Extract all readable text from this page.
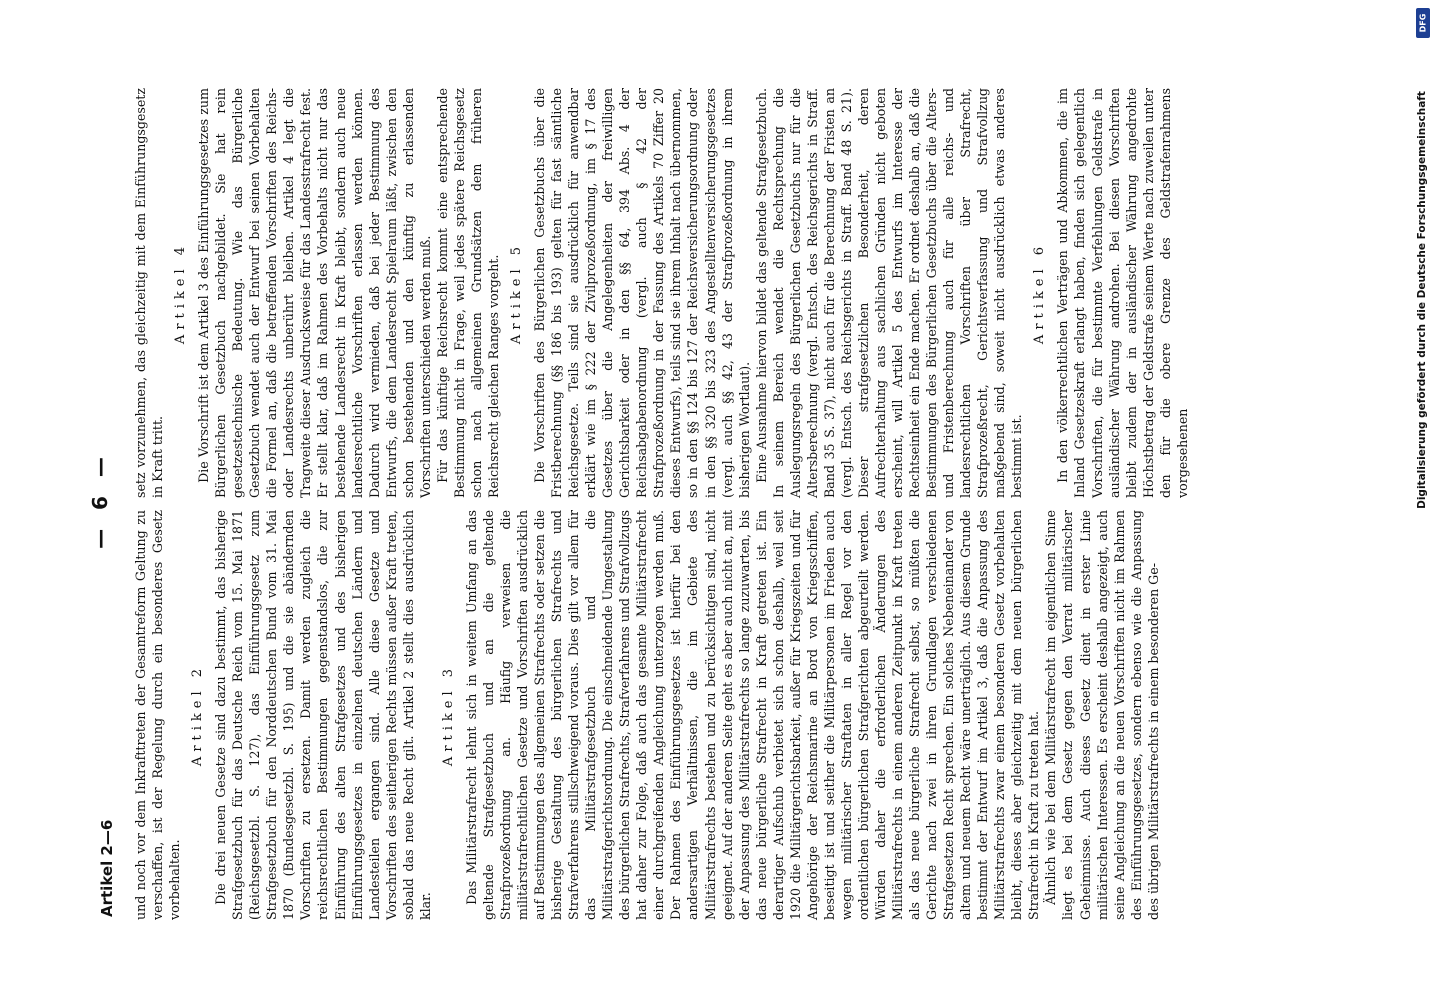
Artikel 2—6
— 6 —

und noch vor dem Inkrafttreten der Gesamtreform Geltung zu verschaffen, ist der Regelung durch ein besonderes Gesetz vorbehalten.

Artikel 2 Die drei neuen Gesetze sind dazu bestimmt, das bisherige Strafgesetzbuch für das Deutsche Reich vom 15. Mai 1871 (Reichsgesetzbl. S. 127), das Einführungsgesetz zum Strafgesetzbuch für den Norddeutschen Bund vom 31. Mai 1870 (Bundesgesetzbl. S. 195) und die sie abändernden Vorschriften zu ersetzen. Damit werden zugleich die reichsrechtlichen Bestimmungen gegenstandslos, die zur Einführung des alten Strafgesetzes und des bisherigen Einführungsgesetzes in einzelnen deutschen Ländern und Landesteilen ergangen sind. Alle diese Gesetze und Vorschriften des seitherigen Rechts müssen außer Kraft treten, sobald das neue Recht gilt. Artikel 2 stellt dies ausdrücklich klar.

Artikel 3 Das Militärstrafrecht lehnt sich in weitem Umfang an das geltende Strafgesetzbuch und an die geltende Strafprozeßordnung an. Häufig verweisen die militärstrafrechtlichen Gesetze und Vorschriften ausdrücklich auf Bestimmungen des allgemeinen Strafrechts oder setzen die bisherige Gestaltung des bürgerlichen Strafrechts und Strafverfahrens stillschweigend voraus. Dies gilt vor allem für das Militärstrafgesetzbuch und die Militärstrafgerichtsordnung. Die einschneidende Umgestaltung des bürgerlichen Strafrechts, Strafverfahrens und Strafvollzugs hat daher zur Folge, daß auch das gesamte Militärstrafrecht einer durchgreifenden Angleichung unterzogen werden muß. Der Rahmen des Einführungsgesetzes ist hierfür bei den andersartigen Verhältnissen, die im Gebiete des Militärstrafrechts bestehen und zu berücksichtigen sind, nicht geeignet. Auf der anderen Seite geht es aber auch nicht an, mit der Anpassung des Militärstrafrechts so lange zuzuwarten, bis das neue bürgerliche Strafrecht in Kraft getreten ist. Ein derartiger Aufschub verbietet sich schon deshalb, weil seit 1920 die Militärgerichtsbarkeit, außer für Kriegszeiten und für Angehörige der Reichsmarine an Bord von Kriegsschiffen, beseitigt ist und seither die Militärpersonen im Frieden auch wegen militärischer Straftaten in aller Regel vor den ordentlichen bürgerlichen Strafgerichten abgeurteilt werden. Würden daher die erforderlichen Änderungen des Militärstrafrechts in einem anderen Zeitpunkt in Kraft treten als das neue bürgerliche Strafrecht selbst, so müßten die Gerichte nach zwei in ihren Grundlagen verschiedenen Strafgesetzen Recht sprechen. Ein solches Nebeneinander von altem und neuem Recht wäre unerträglich. Aus diesem Grunde bestimmt der Entwurf im Artikel 3, daß die Anpassung des Militärstrafrechts zwar einem besonderen Gesetz vorbehalten bleibt, dieses aber gleichzeitig mit dem neuen bürgerlichen Strafrecht in Kraft zu treten hat. Ähnlich wie bei dem Militärstrafrecht im eigentlichen Sinne liegt es bei dem Gesetz gegen den Verrat militärischer Geheimnisse. Auch dieses Gesetz dient in erster Linie militärischen Interessen. Es erscheint deshalb angezeigt, auch seine Angleichung an die neuen Vorschriften nicht im Rahmen des Einführungsgesetzes, sondern ebenso wie die Anpassung des übrigen Militärstrafrechts in einem besonderen Ge-

setz vorzunehmen, das gleichzeitig mit dem Einführungsgesetz in Kraft tritt.

Artikel 4 Die Vorschrift ist dem Artikel 3 des Einführungsgesetzes zum Bürgerlichen Gesetzbuch nachgebildet. Sie hat rein gesetzestechnische Bedeutung. Wie das Bürgerliche Gesetzbuch wendet auch der Entwurf bei seinen Vorbehalten die Formel an, daß die betreffenden Vorschriften des Reichs- oder Landesrechts unberührt bleiben. Artikel 4 legt die Tragweite dieser Ausdrucksweise für das Landesstrafrecht fest. Er stellt klar, daß im Rahmen des Vorbehalts nicht nur das bestehende Landesrecht in Kraft bleibt, sondern auch neue landesrechtliche Vorschriften erlassen werden können. Dadurch wird vermieden, daß bei jeder Bestimmung des Entwurfs, die dem Landesrecht Spielraum läßt, zwischen den schon bestehenden und den künftig zu erlassenden Vorschriften unterschieden werden muß. Für das künftige Reichsrecht kommt eine entsprechende Bestimmung nicht in Frage, weil jedes spätere Reichsgesetz schon nach allgemeinen Grundsätzen dem früheren Reichsrecht gleichen Ranges vorgeht. Artikel 5 Die Vorschriften des Bürgerlichen Gesetzbuchs über die Fristberechnung (§§ 186 bis 193) gelten für fast sämtliche Reichsgesetze. Teils sind sie ausdrücklich für anwendbar erklärt wie im § 222 der Zivilprozeßordnung, im § 17 des Gesetzes über die Angelegenheiten der freiwilligen Gerichtsbarkeit oder in den §§ 64, 394 Abs. 4 der Reichsabgabenordnung (vergl. auch § 42 der Strafprozeßordnung in der Fassung des Artikels 70 Ziffer 20 dieses Entwurfs), teils sind sie ihrem Inhalt nach übernommen, so in den §§ 124 bis 127 der Reichsversicherungsordnung oder in den §§ 320 bis 323 des Angestelltenversicherungsgesetzes (vergl. auch §§ 42, 43 der Strafprozeßordnung in ihrem bisherigen Wortlaut). Eine Ausnahme hiervon bildet das geltende Strafgesetzbuch. In seinem Bereich wendet die Rechtsprechung die Auslegungsregeln des Bürgerlichen Gesetzbuchs nur für die Altersberechnung (vergl. Entsch. des Reichsgerichts in Straff. Band 35 S. 37), nicht auch für die Berechnung der Fristen an (vergl. Entsch. des Reichsgerichts in Straff. Band 48 S. 21). Dieser strafgesetzlichen Besonderheit, deren Aufrechterhaltung aus sachlichen Gründen nicht geboten erscheint, will Artikel 5 des Entwurfs im Interesse der Rechtseinheit ein Ende machen. Er ordnet deshalb an, daß die Bestimmungen des Bürgerlichen Gesetzbuchs über die Alters- und Fristenberechnung auch für alle reichs- und landesrechtlichen Vorschriften über Strafrecht, Strafprozeßrecht, Gerichtsverfassung und Strafvollzug maßgebend sind, soweit nicht ausdrücklich etwas anderes bestimmt ist.

Artikel 6 In den völkerrechtlichen Verträgen und Abkommen, die im Inland Gesetzeskraft erlangt haben, finden sich gelegentlich Vorschriften, die für bestimmte Verfehlungen Geldstrafe in ausländischer Währung androhen. Bei diesen Vorschriften bleibt zudem der in ausländischer Währung angedrohte Höchstbetrag der Geldstrafe seinem Werte nach zuweilen unter den für die obere Grenze des Geldstrafenrahmens vorgesehenen

DFG
Digitalisierung gefördert durch die Deutsche Forschungsgemeinschaft
